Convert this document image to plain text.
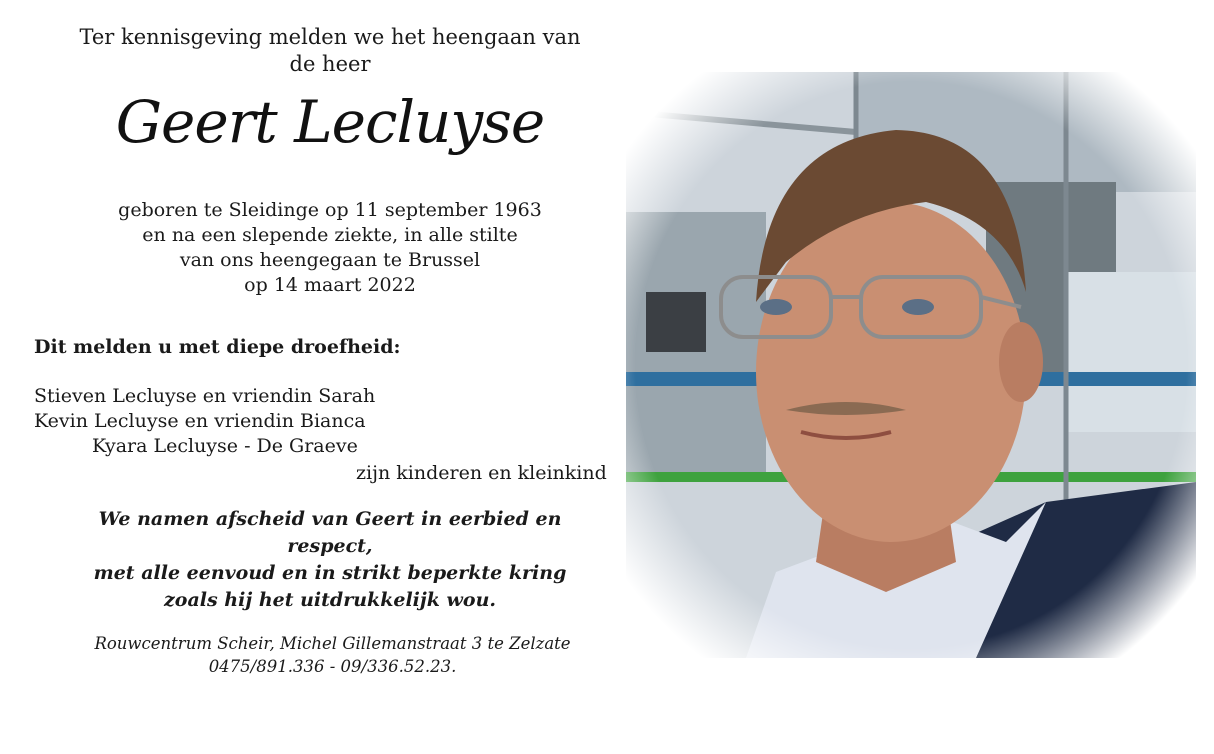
Ter kennisgeving melden we het heengaan van
de heer
Geert Lecluyse
geboren te Sleidinge op 11 september 1963
en na een slepende ziekte, in alle stilte
van ons heengegaan te Brussel
op 14 maart 2022
Dit melden u met diepe droefheid:
Stieven Lecluyse en vriendin Sarah
Kevin Lecluyse en vriendin Bianca
Kyara Lecluyse - De Graeve
zijn kinderen en kleinkind
We namen afscheid van Geert in eerbied en respect,
met alle eenvoud en in strikt beperkte kring
zoals hij het uitdrukkelijk wou.
Rouwcentrum Scheir, Michel Gillemanstraat 3 te Zelzate
0475/891.336 - 09/336.52.23.
